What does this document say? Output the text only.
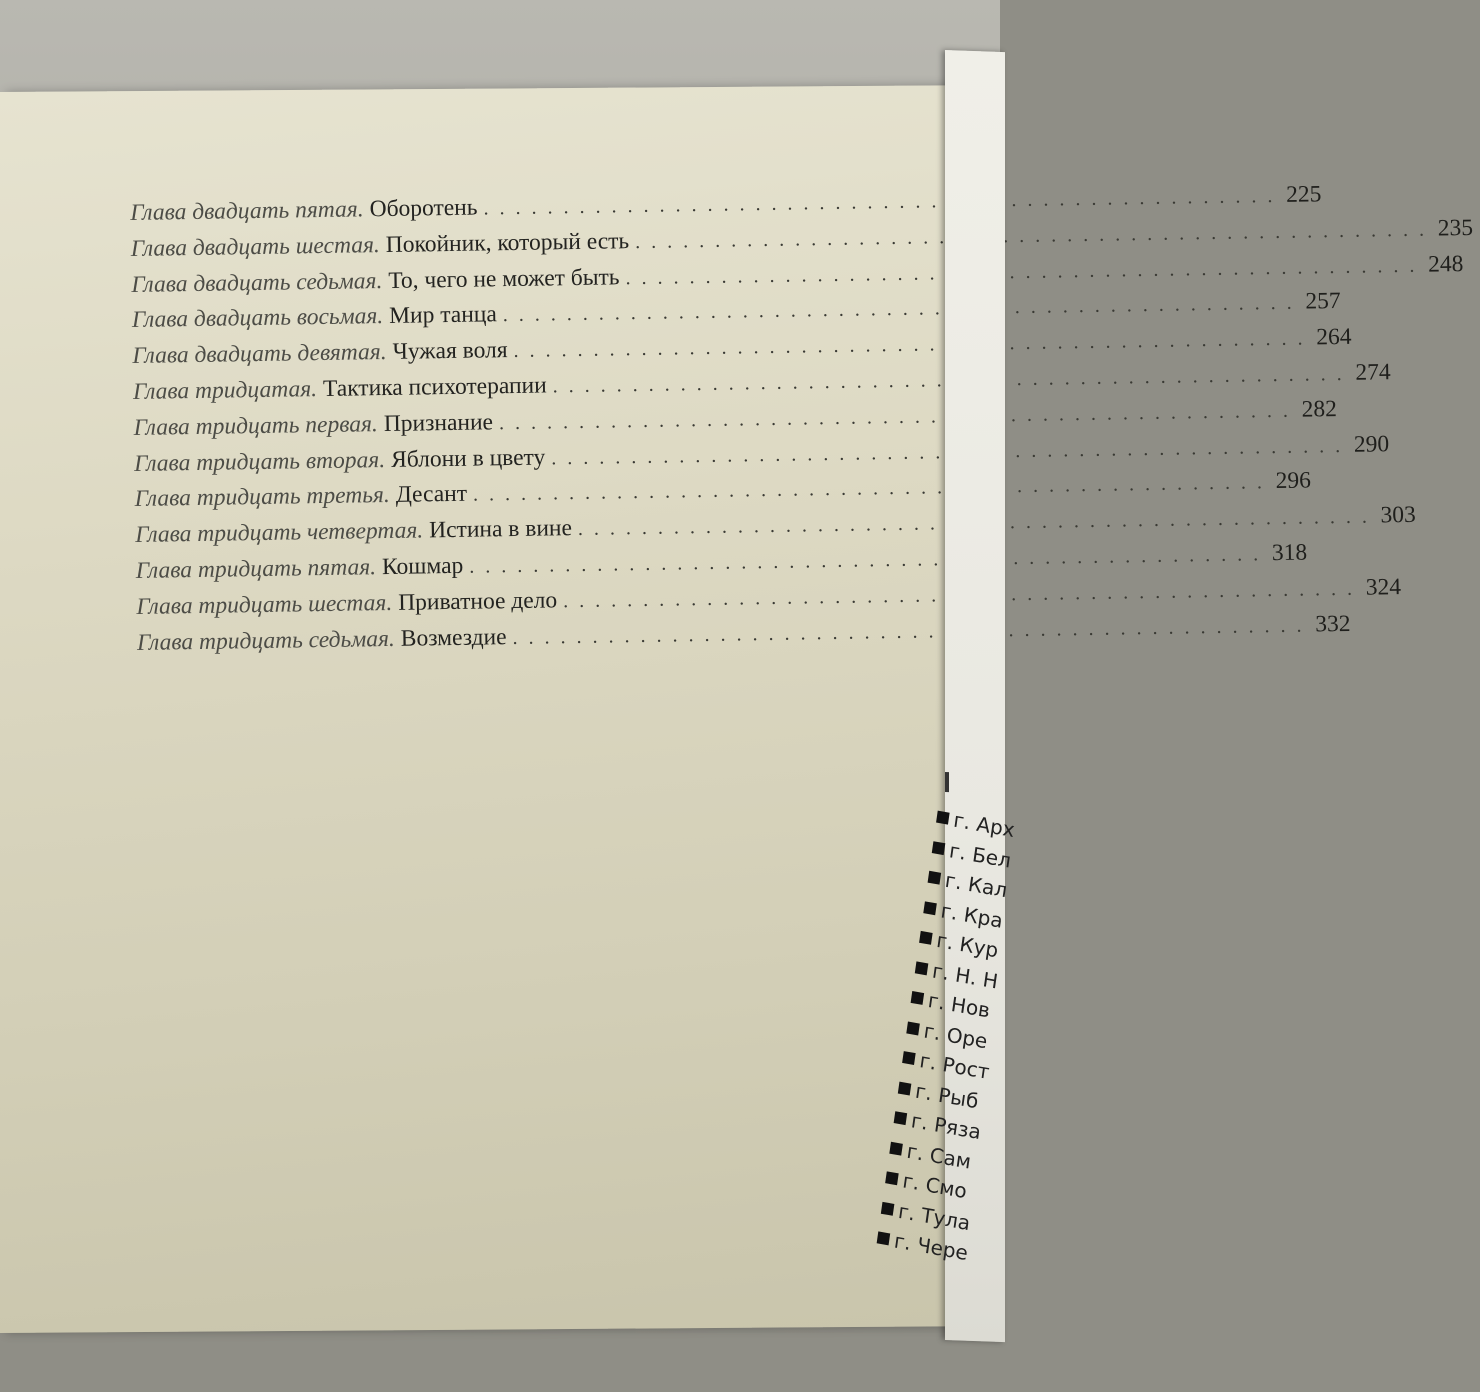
Глава двадцать пятая. Оборотень . . .	225
Глава двадцать шестая. Покойник, который есть . . .	235
Глава двадцать седьмая. То, чего не может быть . . .	248
Глава двадцать восьмая. Мир танца . . .	257
Глава двадцать девятая. Чужая воля . . .	264
Глава тридцатая. Тактика психотерапии . . .	274
Глава тридцать первая. Признание . . .	282
Глава тридцать вторая. Яблони в цвету . . .	290
Глава тридцать третья. Десант . . .	296
Глава тридцать четвертая. Истина в вине . . .	303
Глава тридцать пятая. Кошмар . . .	318
Глава тридцать шестая. Приватное дело . . .	324
Глава тридцать седьмая. Возмездие . . .	332
г. Арх
г. Бел
г. Кал
г. Кра
г. Кур
г. Н. Н
г. Нов
г. Оре
г. Рост
г. Рыб
г. Ряза
г. Сам
г. Смо
г. Тула
г. Чере
